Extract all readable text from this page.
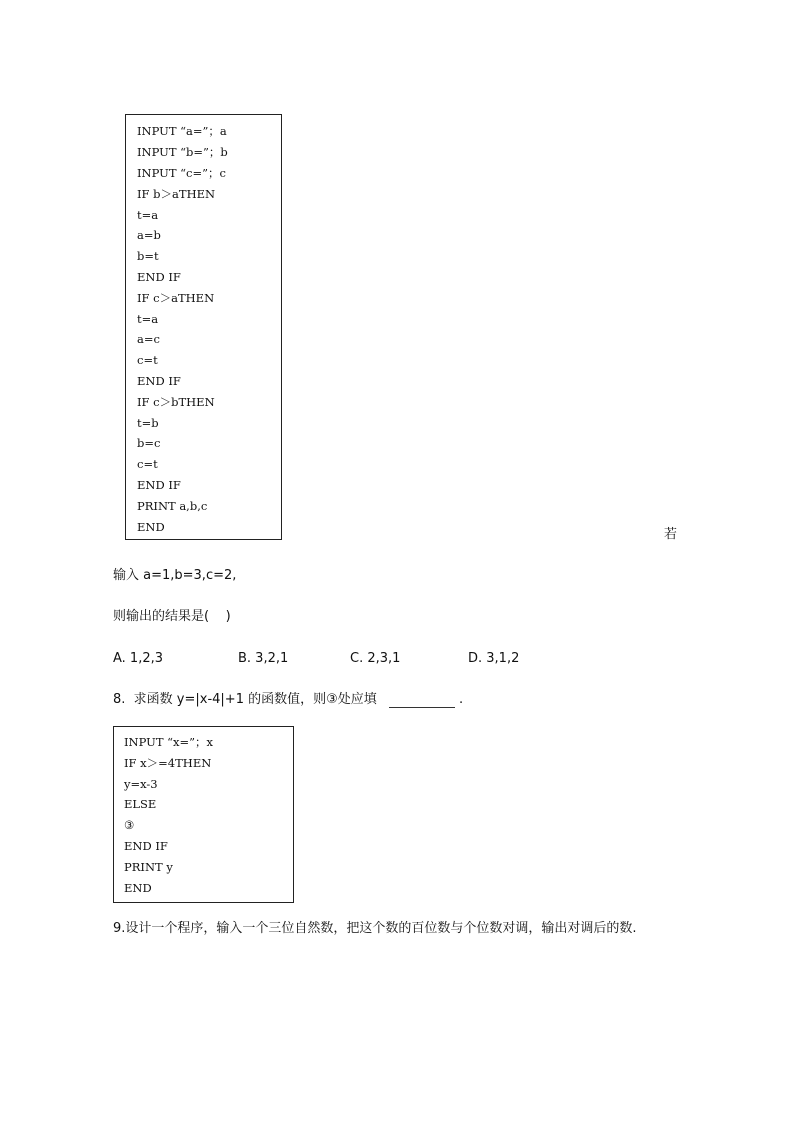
INPUT “a=”；a
INPUT “b=”；b
INPUT “c=”；c
IF b＞aTHEN
t=a
a=b
b=t
END IF
IF c＞aTHEN
t=a
a=c
c=t
END IF
IF c＞bTHEN
t=b
b=c
c=t
END IF
PRINT a,b,c
END	若
输入 a=1,b=3,c=2,
则输出的结果是(    )
A. 1,2,3	B. 3,2,1	C. 2,3,1	D. 3,1,2
8.  求函数 y=|x-4|+1 的函数值，则③处应填	.
INPUT “x=”；x
IF x＞=4THEN
y=x-3
ELSE
③
END IF
PRINT y
END
9.设计一个程序，输入一个三位自然数，把这个数的百位数与个位数对调，输出对调后的数.
